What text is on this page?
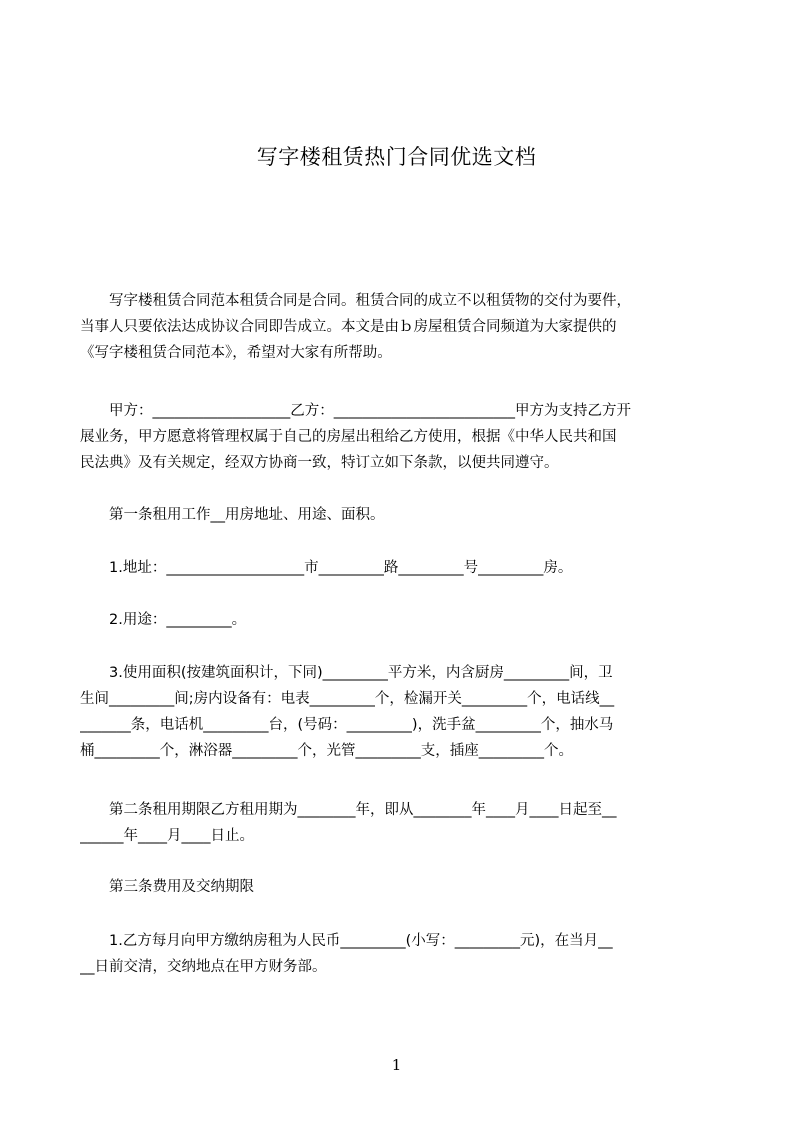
写字楼租赁热门合同优选文档
　　写字楼租赁合同范本租赁合同是合同。租赁合同的成立不以租赁物的交付为要件，
当事人只要依法达成协议合同即告成立。本文是由ｂ房屋租赁合同频道为大家提供的
《写字楼租赁合同范本》，希望对大家有所帮助。
　　甲方：___________________乙方：_________________________甲方为支持乙方开
展业务，甲方愿意将管理权属于自己的房屋出租给乙方使用，根据《中华人民共和国
民法典》及有关规定，经双方协商一致，特订立如下条款，以便共同遵守。
　　第一条租用工作__用房地址、用途、面积。
　　1.地址：___________________市_________路_________号_________房。
　　2.用途：_________。
　　3.使用面积(按建筑面积计，下同)_________平方米，内含厨房_________间，卫
生间_________间;房内设备有：电表_________个，检漏开关_________个，电话线__
_______条，电话机_________台，(号码：_________)，洗手盆_________个，抽水马
桶_________个，淋浴器_________个，光管_________支，插座_________个。
　　第二条租用期限乙方租用期为________年，即从________年____月____日起至__
______年____月____日止。
　　第三条费用及交纳期限
　　1.乙方每月向甲方缴纳房租为人民币_________(小写：_________元)，在当月__
__日前交清，交纳地点在甲方财务部。
1
